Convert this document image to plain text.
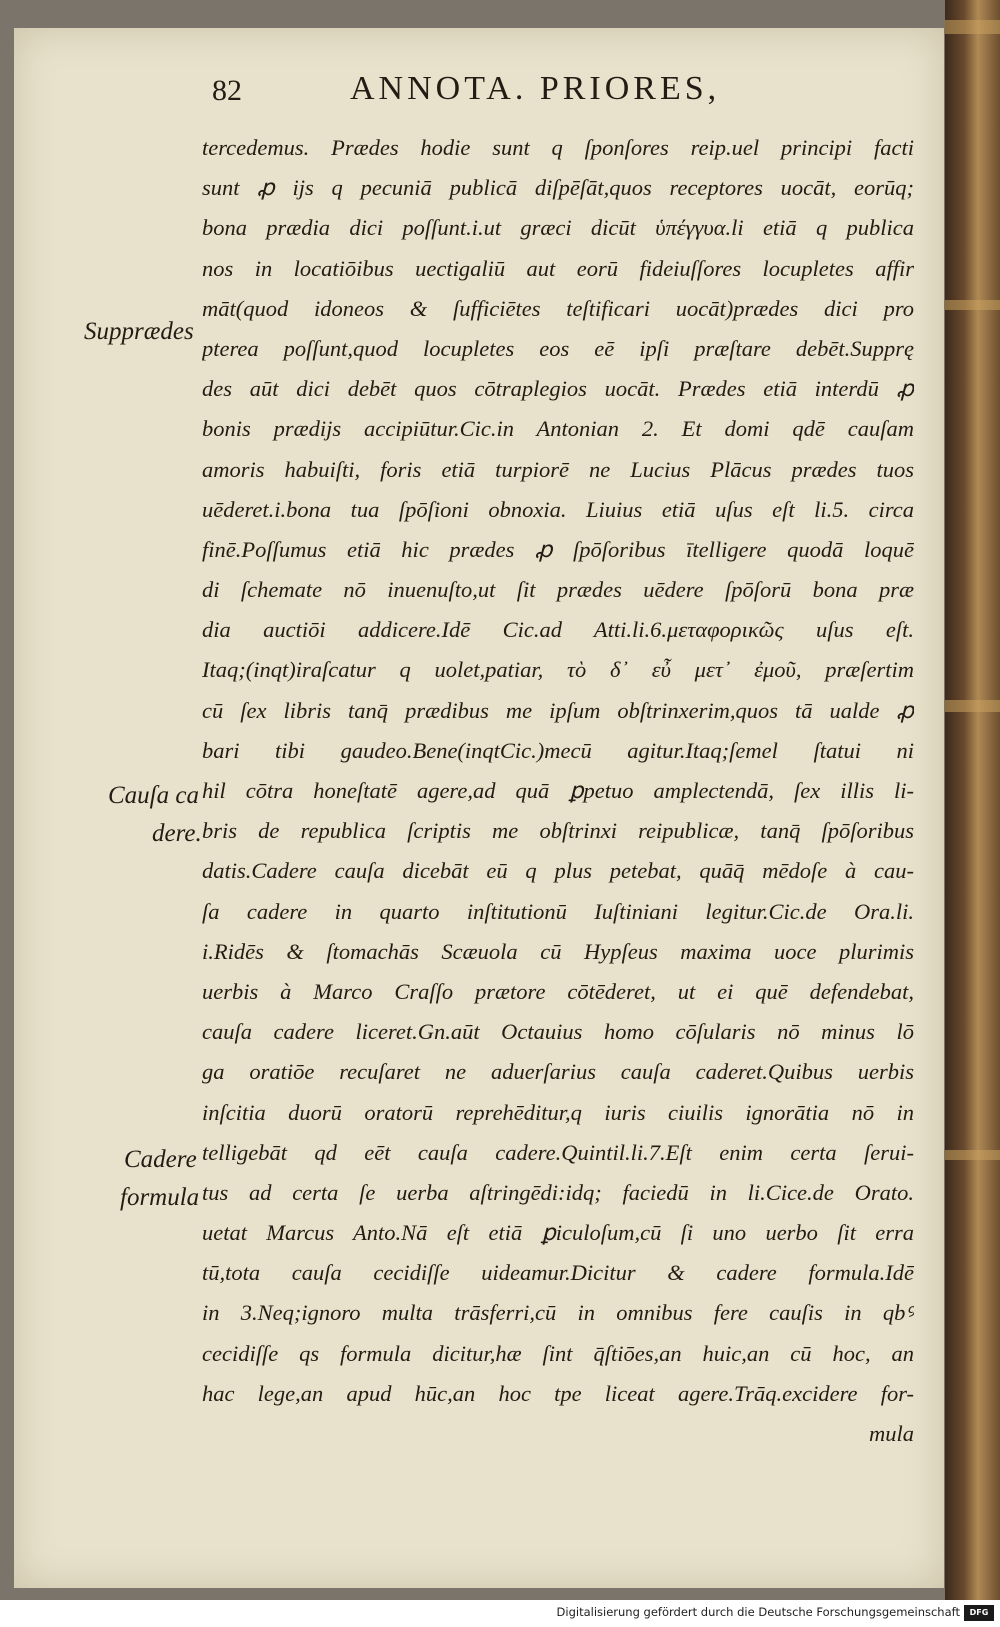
82	ANNOTA. PRIORES,
tercedemus. Prædes hodie sunt q ſponſores reip.uel principi facti
sunt ꝓ ijs q pecuniā publicā diſpēſāt,quos receptores uocāt, eorūq;
bona prædia dici poſſunt.i.ut græci dicūt ὑπέγγυα.li etiā q publica
nos in locatiōibus uectigaliū aut eorū fideiuſſores locupletes affir
māt(quod idoneos & ſufficiētes teſtificari uocāt)prædes dici pro
pterea poſſunt,quod locupletes eos eē ipſi præſtare debēt.Supprę
des aūt dici debēt quos cōtraplegios uocāt. Prædes etiā interdū ꝓ
bonis prædijs accipiūtur.Cic.in Antonian 2. Et domi qdē cauſam
amoris habuiſti, foris etiā turpiorē ne Lucius Plācus prædes tuos
uēderet.i.bona tua ſpōſioni obnoxia. Liuius etiā uſus eſt li.5. circa
finē.Poſſumus etiā hic prædes ꝓ ſpōſoribus ītelligere quodā loquē
di ſchemate nō inuenuſto,ut ſit prædes uēdere ſpōſorū bona præ
dia auctiōi addicere.Idē Cic.ad Atti.li.6.μεταφορικῶς uſus eſt.
Itaq;(inqt)iraſcatur q uolet,patiar, τὸ δ᾽ εὖ μετ᾽ ἐμοῦ, præſertim
cū ſex libris tanq̄ prædibus me ipſum obſtrinxerim,quos tā ualde ꝓ
bari tibi gaudeo.Bene(inqtCic.)mecū agitur.Itaq;ſemel ſtatui ni
hil cōtra honeſtatē agere,ad quā ꝑpetuo amplectendā, ſex illis li-
bris de republica ſcriptis me obſtrinxi reipublicæ, tanq̄ ſpōſoribus
datis.Cadere cauſa dicebāt eū q plus petebat, quāq̄ mēdoſe à cau-
ſa cadere in quarto inſtitutionū Iuſtiniani legitur.Cic.de Ora.li.
i.Ridēs & ſtomachās Scæuola cū Hypſeus maxima uoce plurimis
uerbis à Marco Craſſo prætore cōtēderet, ut ei quē defendebat,
cauſa cadere liceret.Gn.aūt Octauius homo cōſularis nō minus lō
ga oratiōe recuſaret ne aduerſarius cauſa caderet.Quibus uerbis
inſcitia duorū oratorū reprehēditur,q iuris ciuilis ignorātia nō in
telligebāt qd eēt cauſa cadere.Quintil.li.7.Eſt enim certa ſerui-
tus ad certa ſe uerba aſtringēdi:idq; faciedū in li.Cice.de Orato.
uetat Marcus Anto.Nā eſt etiā ꝑiculoſum,cū ſi uno uerbo ſit erra
tū,tota cauſa cecidiſſe uideamur.Dicitur & cadere formula.Idē
in 3.Neq;ignoro multa trāsferri,cū in omnibus fere cauſis in qbꝰ
cecidiſſe qs formula dicitur,hæ ſint q̄ſtiōes,an huic,an cū hoc, an
hac lege,an apud hūc,an hoc tpe liceat agere.Trāq.excidere for-
mula
Supprædes
Cauſa ca
dere.
Cadere
formula
Digitalisierung gefördert durch die Deutsche Forschungsgemeinschaft	DFG
